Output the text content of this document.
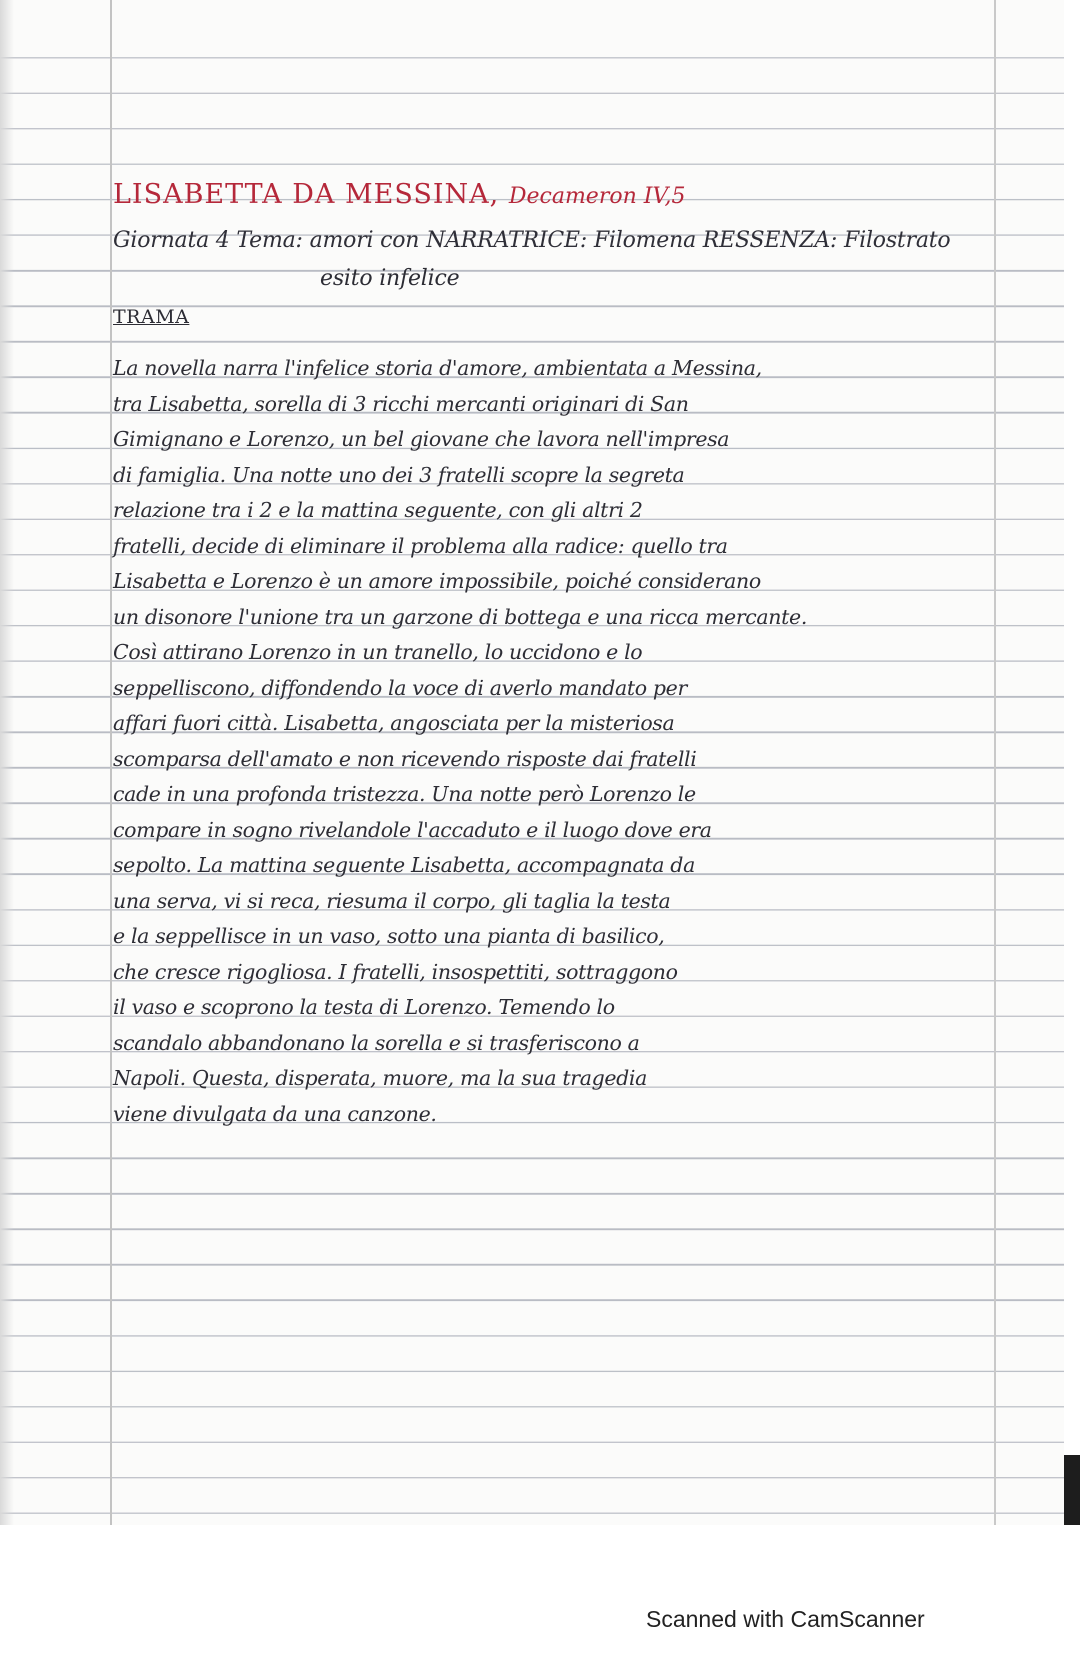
LISABETTA DA MESSINA, Decameron IV,5
Giornata 4 Tema: amori con NARRATRICE: Filomena RESSENZA: Filostrato
esito infelice
TRAMA
La novella narra l'infelice storia d'amore, ambientata a Messina,
tra Lisabetta, sorella di 3 ricchi mercanti originari di San
Gimignano e Lorenzo, un bel giovane che lavora nell'impresa
di famiglia. Una notte uno dei 3 fratelli scopre la segreta
relazione tra i 2 e la mattina seguente, con gli altri 2
fratelli, decide di eliminare il problema alla radice: quello tra
Lisabetta e Lorenzo è un amore impossibile, poiché considerano
un disonore l'unione tra un garzone di bottega e una ricca mercante.
Così attirano Lorenzo in un tranello, lo uccidono e lo
seppelliscono, diffondendo la voce di averlo mandato per
affari fuori città. Lisabetta, angosciata per la misteriosa
scomparsa dell'amato e non ricevendo risposte dai fratelli
cade in una profonda tristezza. Una notte però Lorenzo le
compare in sogno rivelandole l'accaduto e il luogo dove era
sepolto. La mattina seguente Lisabetta, accompagnata da
una serva, vi si reca, riesuma il corpo, gli taglia la testa
e la seppellisce in un vaso, sotto una pianta di basilico,
che cresce rigogliosa. I fratelli, insospettiti, sottraggono
il vaso e scoprono la testa di Lorenzo. Temendo lo
scandalo abbandonano la sorella e si trasferiscono a
Napoli. Questa, disperata, muore, ma la sua tragedia
viene divulgata da una canzone.
Scanned with CamScanner
